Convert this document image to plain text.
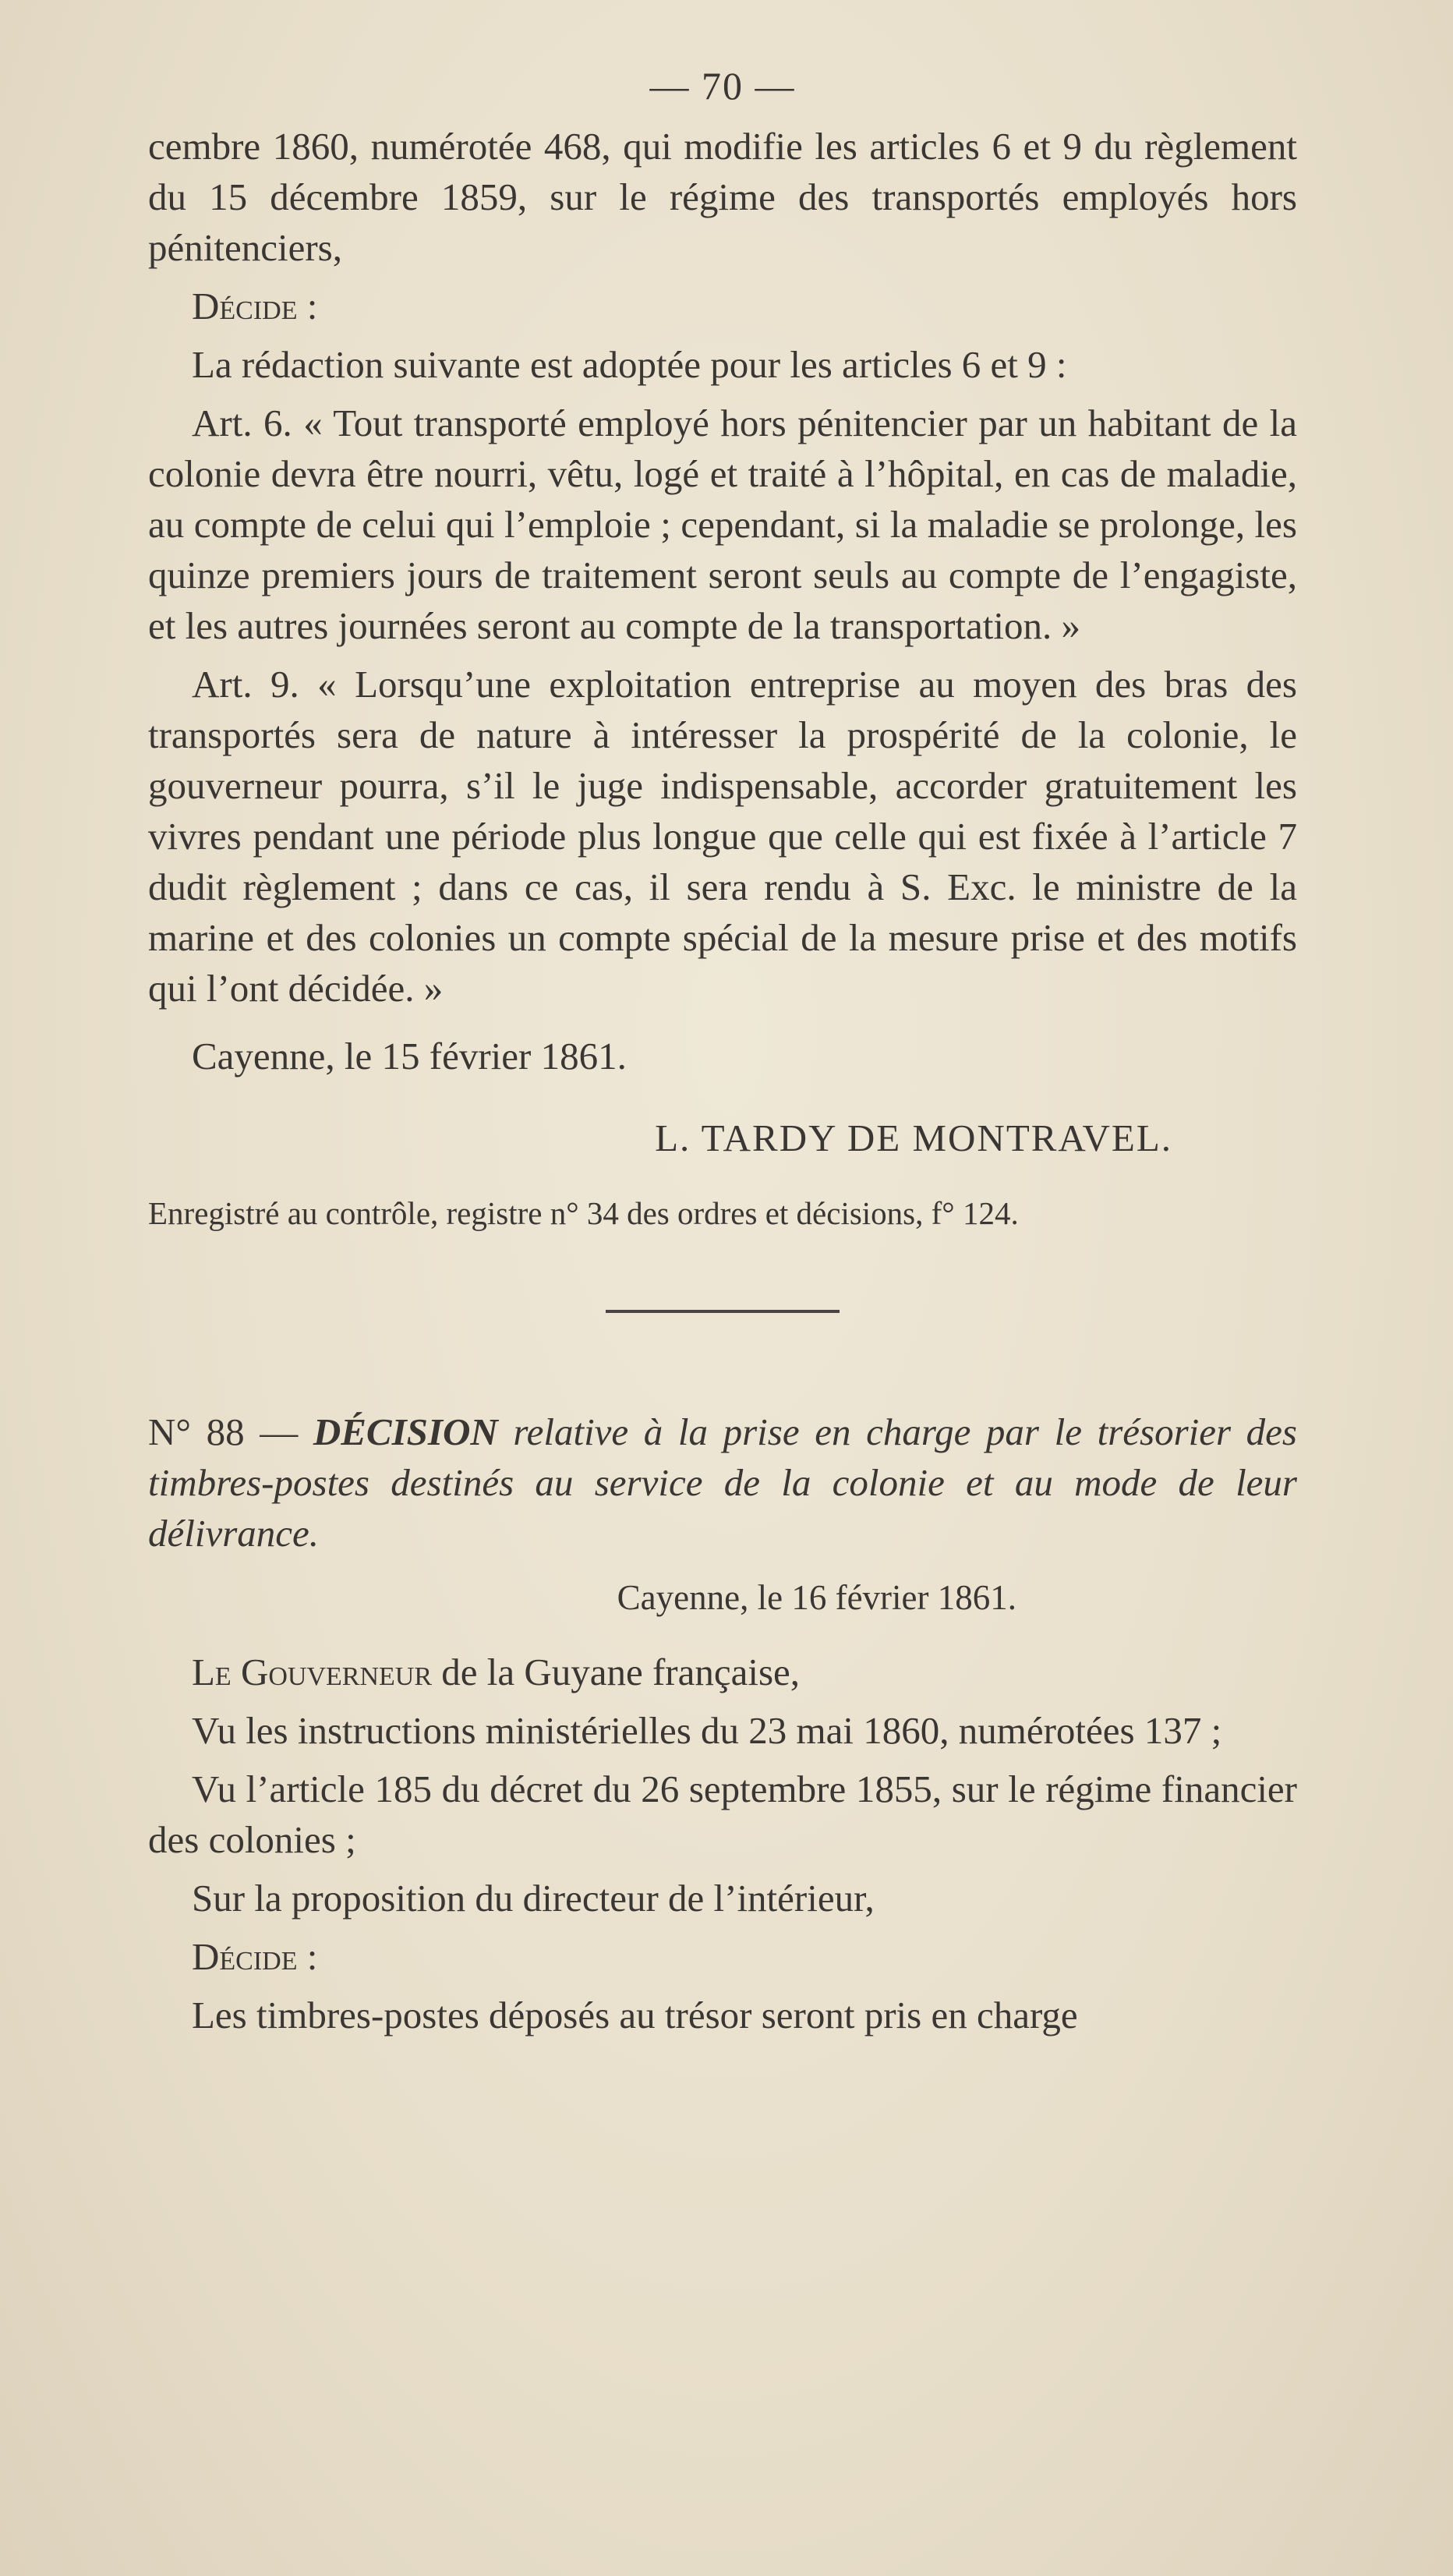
— 70 —

cembre 1860, numérotée 468, qui modifie les articles 6 et 9 du règlement du 15 décembre 1859, sur le régime des transportés employés hors pénitenciers,

Décide :

La rédaction suivante est adoptée pour les articles 6 et 9 :

Art. 6. « Tout transporté employé hors pénitencier par un habitant de la colonie devra être nourri, vêtu, logé et traité à l’hôpital, en cas de maladie, au compte de celui qui l’emploie ; cependant, si la maladie se prolonge, les quinze premiers jours de traitement seront seuls au compte de l’engagiste, et les autres journées seront au compte de la transportation. »

Art. 9. « Lorsqu’une exploitation entreprise au moyen des bras des transportés sera de nature à intéresser la prospérité de la colonie, le gouverneur pourra, s’il le juge indispensable, accorder gratuitement les vivres pendant une période plus longue que celle qui est fixée à l’article 7 dudit règlement ; dans ce cas, il sera rendu à S. Exc. le ministre de la marine et des colonies un compte spécial de la mesure prise et des motifs qui l’ont décidée. »

Cayenne, le 15 février 1861.

L. TARDY DE MONTRAVEL.

Enregistré au contrôle, registre n° 34 des ordres et décisions, f° 124.

N° 88 — DÉCISION relative à la prise en charge par le trésorier des timbres-postes destinés au service de la colonie et au mode de leur délivrance.

Cayenne, le 16 février 1861.

Le Gouverneur de la Guyane française,

Vu les instructions ministérielles du 23 mai 1860, numérotées 137 ;

Vu l’article 185 du décret du 26 septembre 1855, sur le régime financier des colonies ;

Sur la proposition du directeur de l’intérieur,

Décide :

Les timbres-postes déposés au trésor seront pris en charge
